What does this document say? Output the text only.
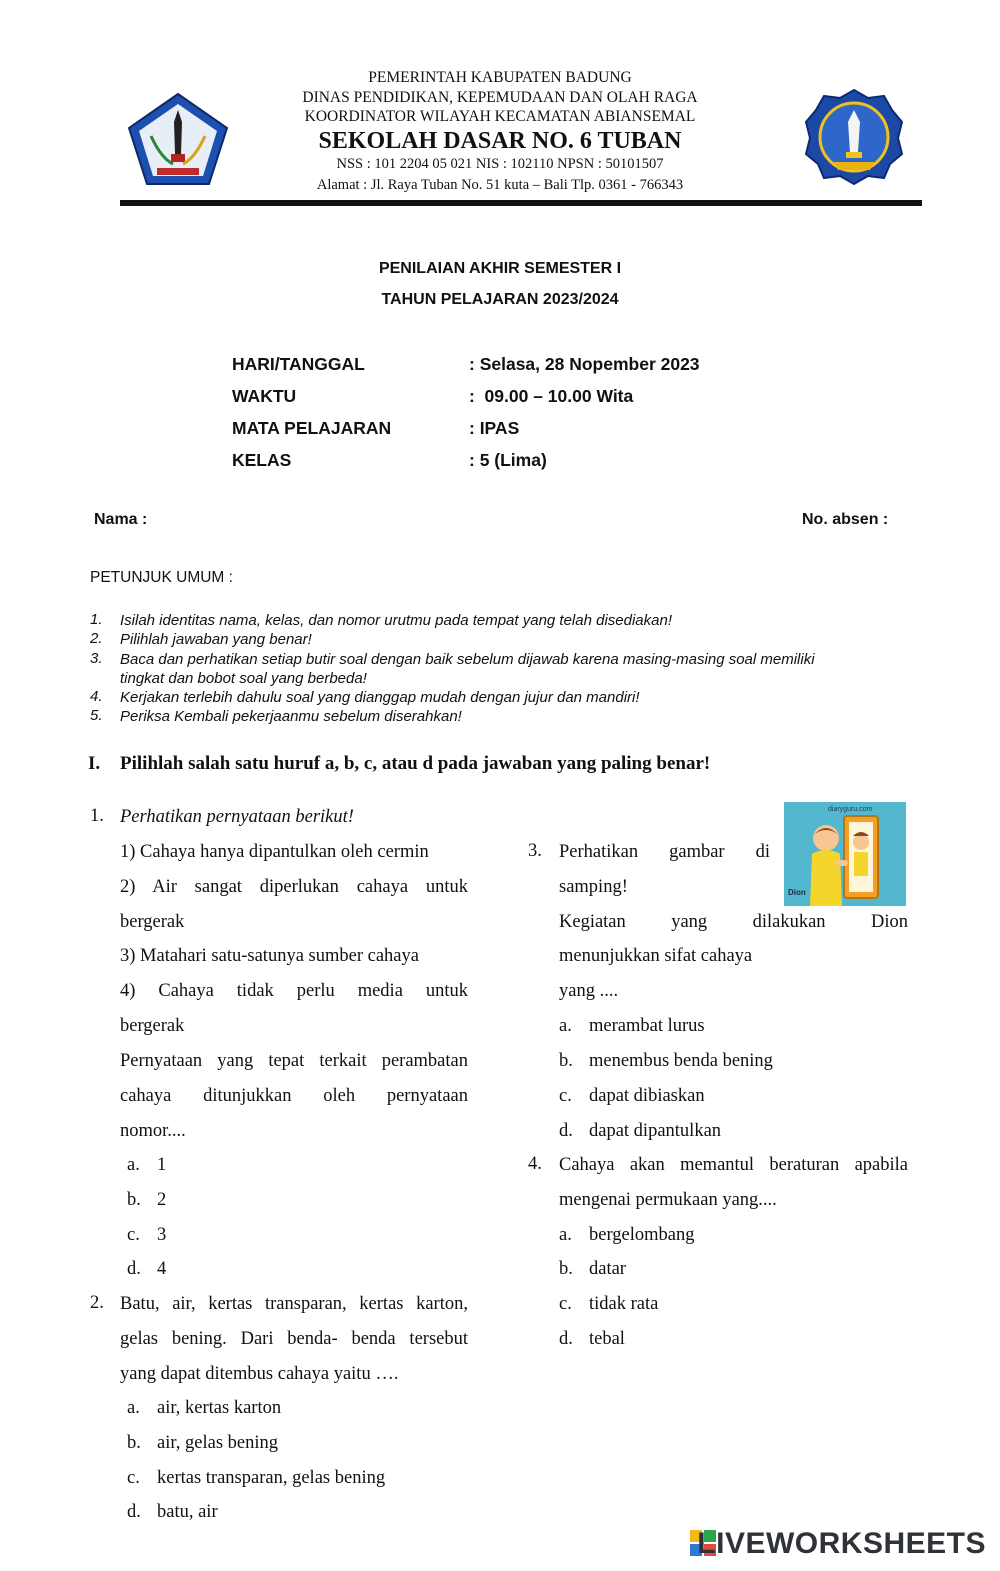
PEMERINTAH KABUPATEN BADUNG
DINAS PENDIDIKAN, KEPEMUDAAN DAN OLAH RAGA
KOORDINATOR WILAYAH KECAMATAN ABIANSEMAL
SEKOLAH DASAR NO. 6 TUBAN
NSS : 101 2204 05 021 NIS : 102110 NPSN : 50101507
Alamat : Jl. Raya Tuban No. 51 kuta – Bali Tlp. 0361 - 766343
PENILAIAN AKHIR SEMESTER I
TAHUN PELAJARAN 2023/2024
HARI/TANGGAL	: Selasa, 28 Nopember 2023
WAKTU	:  09.00 – 10.00 Wita
MATA PELAJARAN	: IPAS
KELAS	: 5 (Lima)
Nama :	No. absen :
PETUNJUK UMUM :
1. Isilah identitas nama, kelas, dan nomor urutmu pada tempat yang telah disediakan!
2. Pilihlah jawaban yang benar!
3. Baca dan perhatikan setiap butir soal dengan baik sebelum dijawab karena masing-masing soal memiliki
tingkat dan bobot soal yang berbeda!
4. Kerjakan terlebih dahulu soal yang dianggap mudah dengan jujur dan mandiri!
5. Periksa Kembali pekerjaanmu sebelum diserahkan!
I. Pilihlah salah satu huruf a, b, c, atau d pada jawaban yang paling benar!
1. Perhatikan pernyataan berikut!
1) Cahaya hanya dipantulkan oleh cermin
2) Air sangat diperlukan cahaya untuk
bergerak
3) Matahari satu-satunya sumber cahaya
4) Cahaya tidak perlu media untuk
bergerak
Pernyataan yang tepat terkait perambatan
cahaya ditunjukkan oleh pernyataan
nomor....
a. 1
b. 2
c. 3
d. 4
2. Batu, air, kertas transparan, kertas karton,
gelas bening. Dari benda- benda tersebut
yang dapat ditembus cahaya yaitu ….
a. air, kertas karton
b. air, gelas bening
c. kertas transparan, gelas bening
d. batu, air
3. Perhatikan gambar di
samping!
Kegiatan yang dilakukan Dion
menunjukkan sifat cahaya
yang ....
diaryguru.com
Dion
a. merambat lurus
b. menembus benda bening
c. dapat dibiaskan
d. dapat dipantulkan
4. Cahaya akan memantul beraturan apabila
mengenai permukaan yang....
a. bergelombang
b. datar
c. tidak rata
d. tebal
LIVEWORKSHEETS
